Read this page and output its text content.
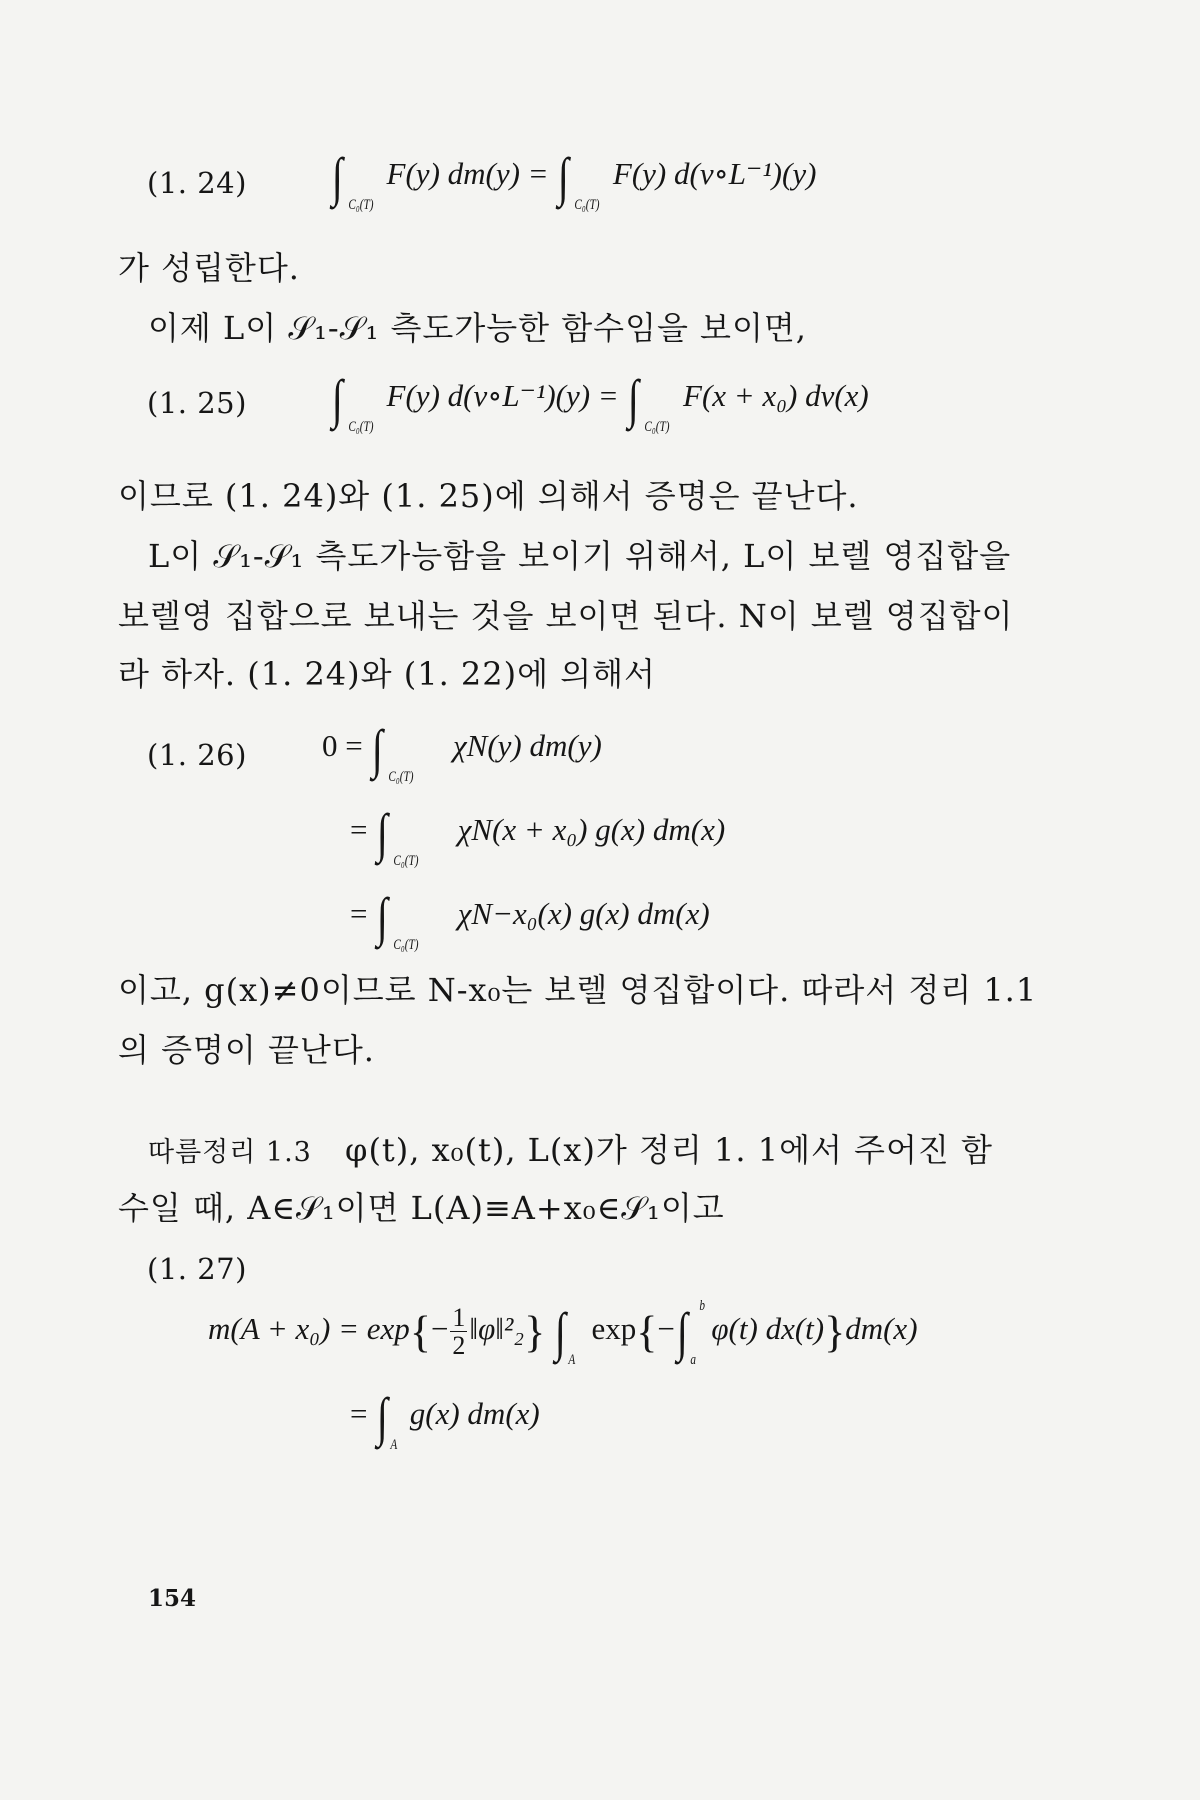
(1. 24) ∫ C₀(T)
F(y) dm(y) = ∫ C₀(T)
F(y) d(ν∘L⁻¹)(y)
가 성립한다.
이제 L이 𝒮₁-𝒮₁ 측도가능한 함수임을 보이면,
(1. 25) ∫ C₀(T)
F(y) d(ν∘L⁻¹)(y) = ∫ C₀(T)
F(x + x₀) dν(x)
이므로 (1. 24)와 (1. 25)에 의해서 증명은 끝난다.
L이 𝒮₁-𝒮₁ 측도가능함을 보이기 위해서, L이 보렐 영집합을
보렐영 집합으로 보내는 것을 보이면 된다. N이 보렐 영집합이
라 하자. (1. 24)와 (1. 22)에 의해서
(1. 26) 0 = ∫ C₀(T)
χN(y) dm(y)
= ∫ C₀(T)
χN(x + x₀) g(x) dm(x)
= ∫ C₀(T)
χN−x₀(x) g(x) dm(x)
이고, g(x)≠0이므로 N-x₀는 보렐 영집합이다. 따라서 정리 1.1
의 증명이 끝난다.
따름정리 1.3 φ(t), x₀(t), L(x)가 정리 1. 1에서 주어진 함
수일 때, A∈𝒮₁이면 L(A)≡A+x₀∈𝒮₁이고
(1. 27)
$m(A + x_0) = \exp\{- \frac{1}{2}$ ‖φ‖²₂} ∫ A
exp{−∫ a
b
φ(t) dx(t)}dm(x)
= ∫ A
g(x) dm(x)
154
